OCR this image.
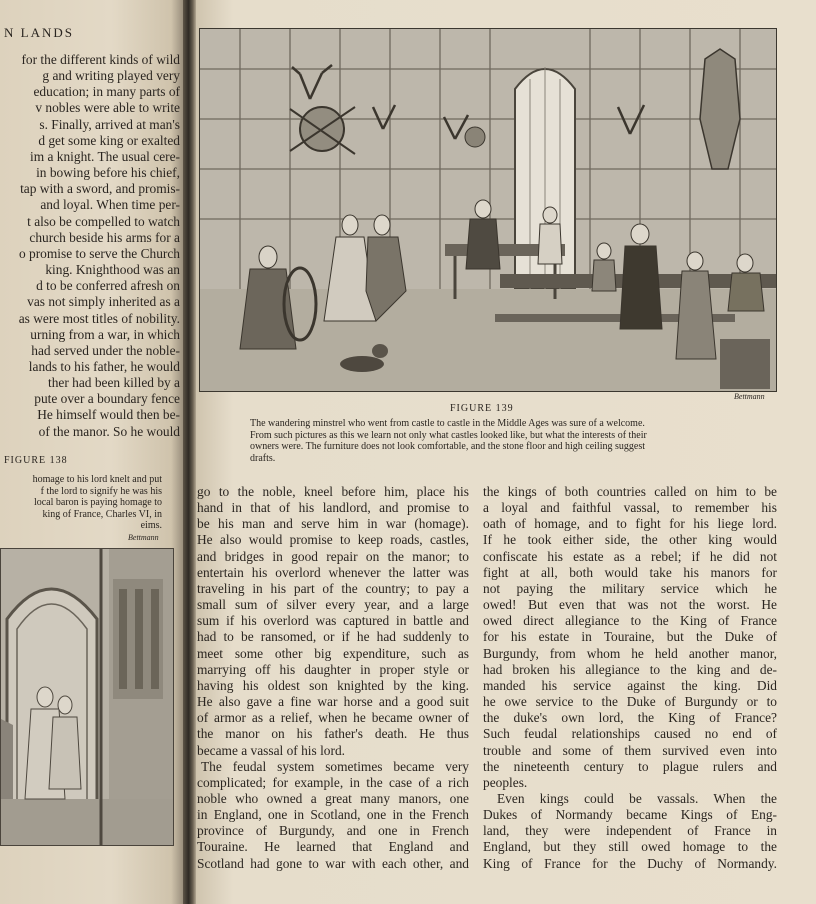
N LANDS
for the different kinds of wild
g and writing played very
education; in many parts of
v nobles were able to write
s. Finally, arrived at man's
d get some king or exalted
im a knight. The usual cere-
in bowing before his chief,
tap with a sword, and promis-
and loyal. When time per-
t also be compelled to watch
church beside his arms for a
o promise to serve the Church
king. Knighthood was an
d to be conferred afresh on
vas not simply inherited as a
as were most titles of nobility.
urning from a war, in which
had served under the noble-
lands to his father, he would
ther had been killed by a
pute over a boundary fence
He himself would then be-
of the manor. So he would
FIGURE 138
homage to his lord knelt and put
f the lord to signify he was his
local baron is paying homage to
king of France, Charles VI, in
eims.
Bettmann
Bettmann
FIGURE 139
The wandering minstrel who went from castle to castle in the Middle Ages was sure of a welcome.
From such pictures as this we learn not only what castles looked like, but what the interests of their
owners were. The furniture does not look comfortable, and the stone floor and high ceiling suggest
drafts.
go to the noble, kneel before him, place his
hand in that of his landlord, and promise to
be his man and serve him in war (homage).
He also would promise to keep roads, castles,
and bridges in good repair on the manor; to
entertain his overlord whenever the latter was
traveling in his part of the country; to pay a
small sum of silver every year, and a large
sum if his overlord was captured in battle and
had to be ransomed, or if he had suddenly to
meet some other big expenditure, such as
marrying off his daughter in proper style or
having his oldest son knighted by the king.
He also gave a fine war horse and a good suit
of armor as a relief, when he became owner of
the manor on his father's death. He thus
became a vassal of his lord.
The feudal system sometimes became very
complicated; for example, in the case of a rich
noble who owned a great many manors, one
in England, one in Scotland, one in the French
province of Burgundy, and one in French
Touraine. He learned that England and
Scotland had gone to war with each other, and
the kings of both countries called on him to be
a loyal and faithful vassal, to remember his
oath of homage, and to fight for his liege lord.
If he took either side, the other king would
confiscate his estate as a rebel; if he did not
fight at all, both would take his manors for
not paying the military service which he
owed! But even that was not the worst. He
owed direct allegiance to the King of France
for his estate in Touraine, but the Duke of
Burgundy, from whom he held another manor,
had broken his allegiance to the king and de-
manded his service against the king. Did
he owe service to the Duke of Burgundy or to
the duke's own lord, the King of France?
Such feudal relationships caused no end of
trouble and some of them survived even into
the nineteenth century to plague rulers and
peoples.
Even kings could be vassals. When the
Dukes of Normandy became Kings of Eng-
land, they were independent of France in
England, but they still owed homage to the
King of France for the Duchy of Normandy.
